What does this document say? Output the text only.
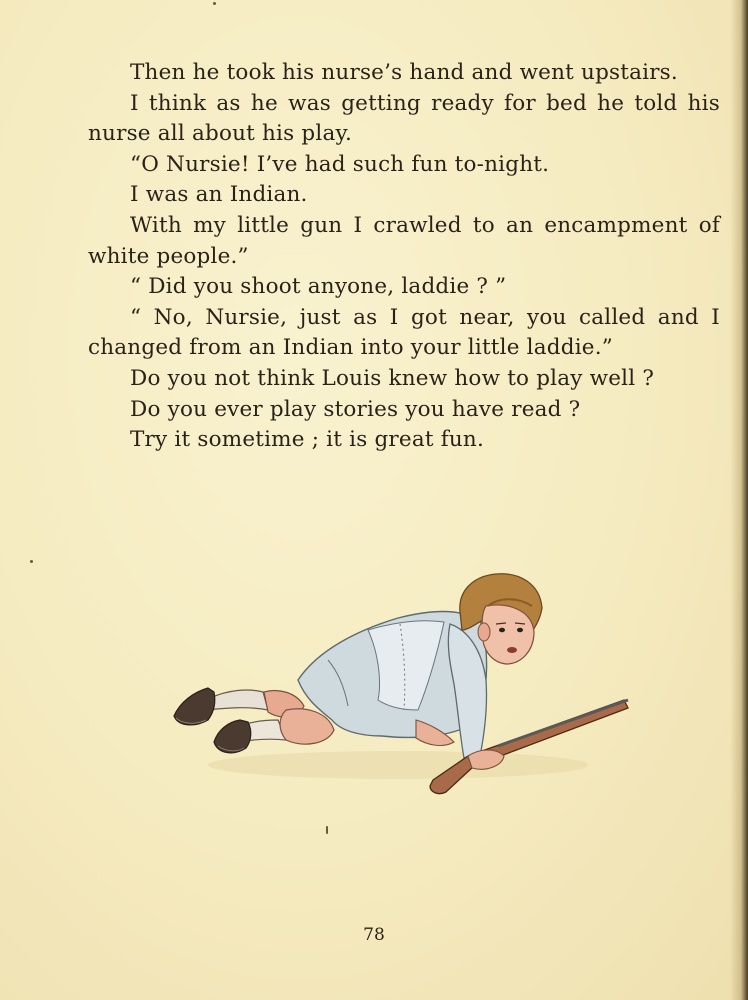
Then he took his nurse’s hand and went upstairs.
I think as he was getting ready for bed he told his
nurse all about his play.
“O Nursie! I’ve had such fun to-night.
I was an Indian.
With my little gun I crawled to an encampment of
white people.”
“ Did you shoot anyone, laddie ? ”
“ No, Nursie, just as I got near, you called and I
changed from an Indian into your little laddie.”
Do you not think Louis knew how to play well ?
Do you ever play stories you have read ?
Try it sometime ; it is great fun.
78
